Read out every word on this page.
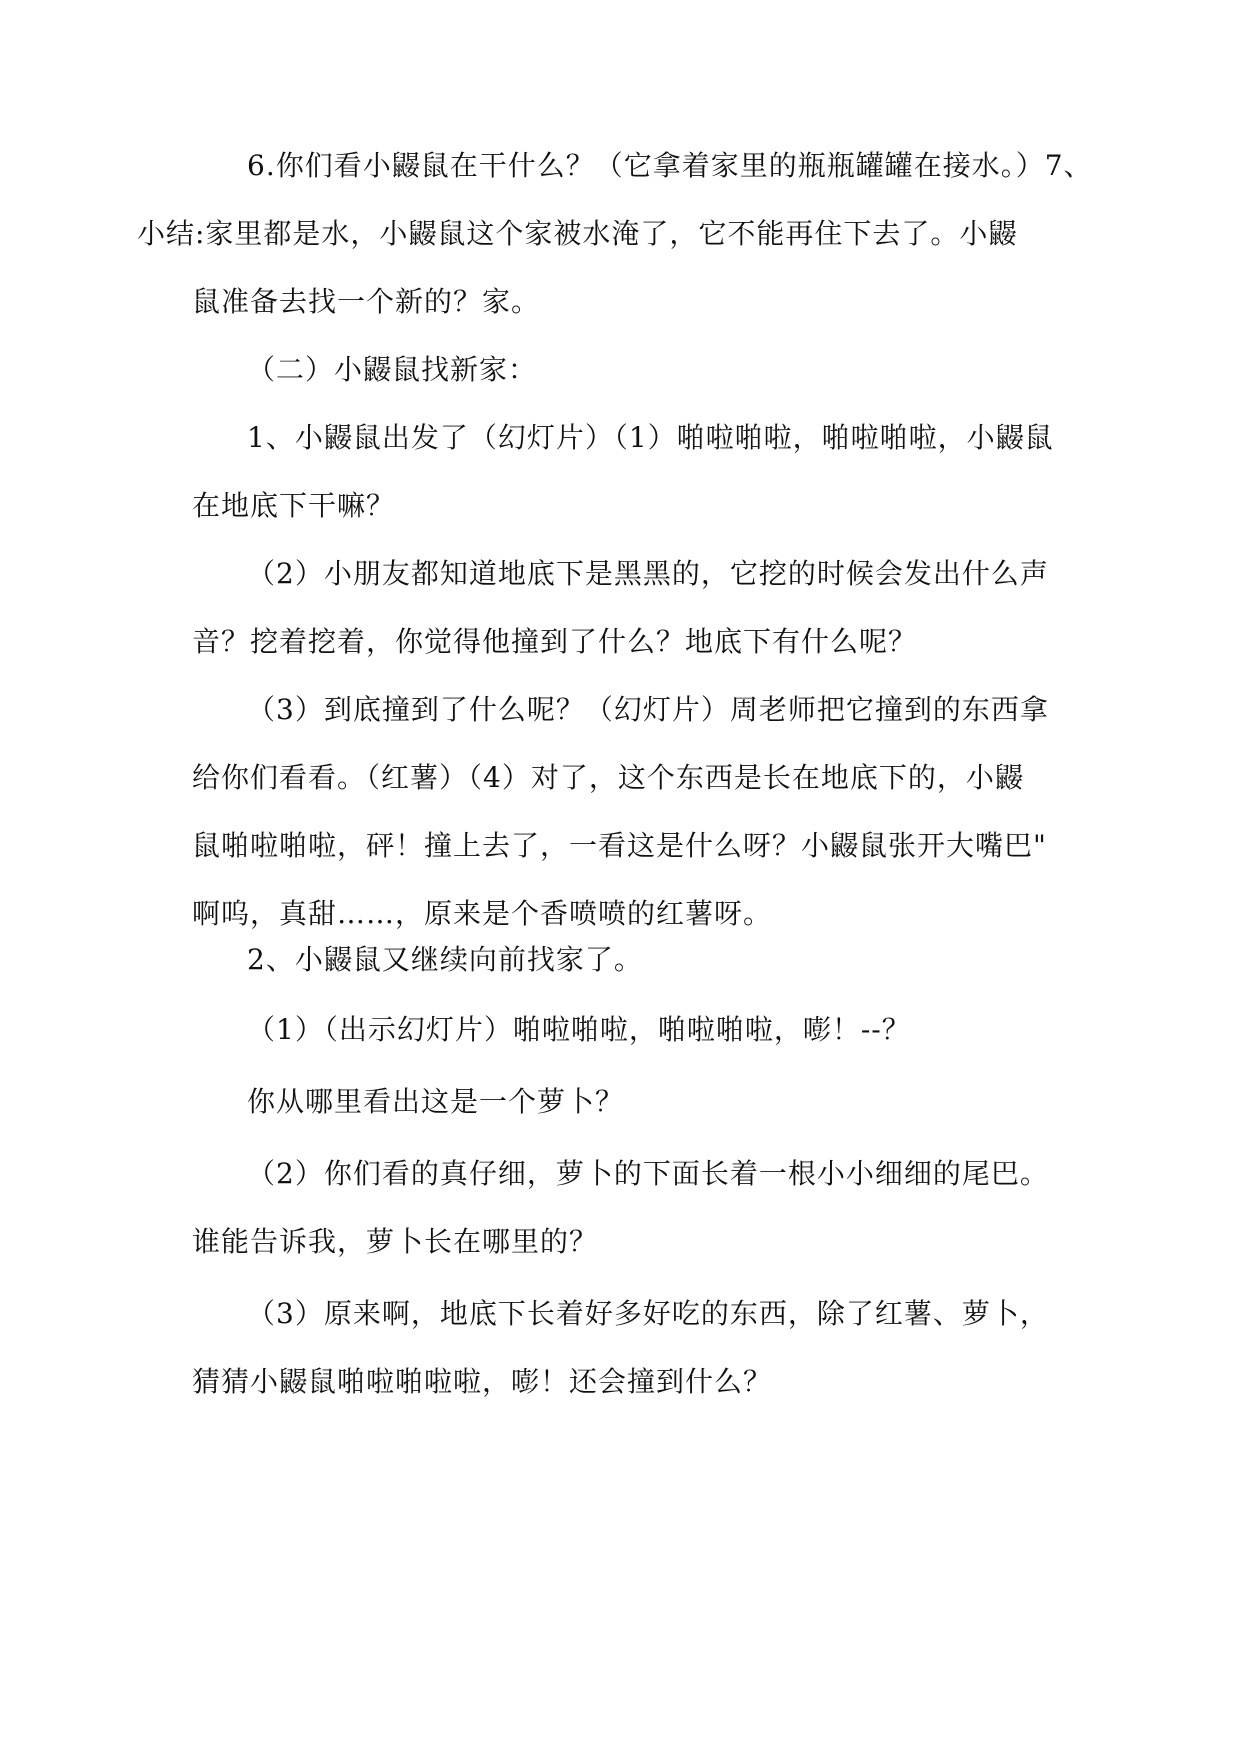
6.你们看小鼹鼠在干什么？（它拿着家里的瓶瓶罐罐在接水。）7、
小结:家里都是水，小鼹鼠这个家被水淹了，它不能再住下去了。小鼹
鼠准备去找一个新的？家。
（二）小鼹鼠找新家：
1、小鼹鼠出发了（幻灯片）（1）啪啦啪啦，啪啦啪啦，小鼹鼠
在地底下干嘛？
（2）小朋友都知道地底下是黑黑的，它挖的时候会发出什么声
音？挖着挖着，你觉得他撞到了什么？地底下有什么呢？
（3）到底撞到了什么呢？（幻灯片）周老师把它撞到的东西拿
给你们看看。（红薯）（4）对了，这个东西是长在地底下的，小鼹
鼠啪啦啪啦，砰！撞上去了，一看这是什么呀？小鼹鼠张开大嘴巴"
啊呜，真甜……，原来是个香喷喷的红薯呀。
2、小鼹鼠又继续向前找家了。
（1）（出示幻灯片）啪啦啪啦，啪啦啪啦，嘭！--？
你从哪里看出这是一个萝卜？
（2）你们看的真仔细，萝卜的下面长着一根小小细细的尾巴。
谁能告诉我，萝卜长在哪里的？
（3）原来啊，地底下长着好多好吃的东西，除了红薯、萝卜，
猜猜小鼹鼠啪啦啪啦啦，嘭！还会撞到什么？
